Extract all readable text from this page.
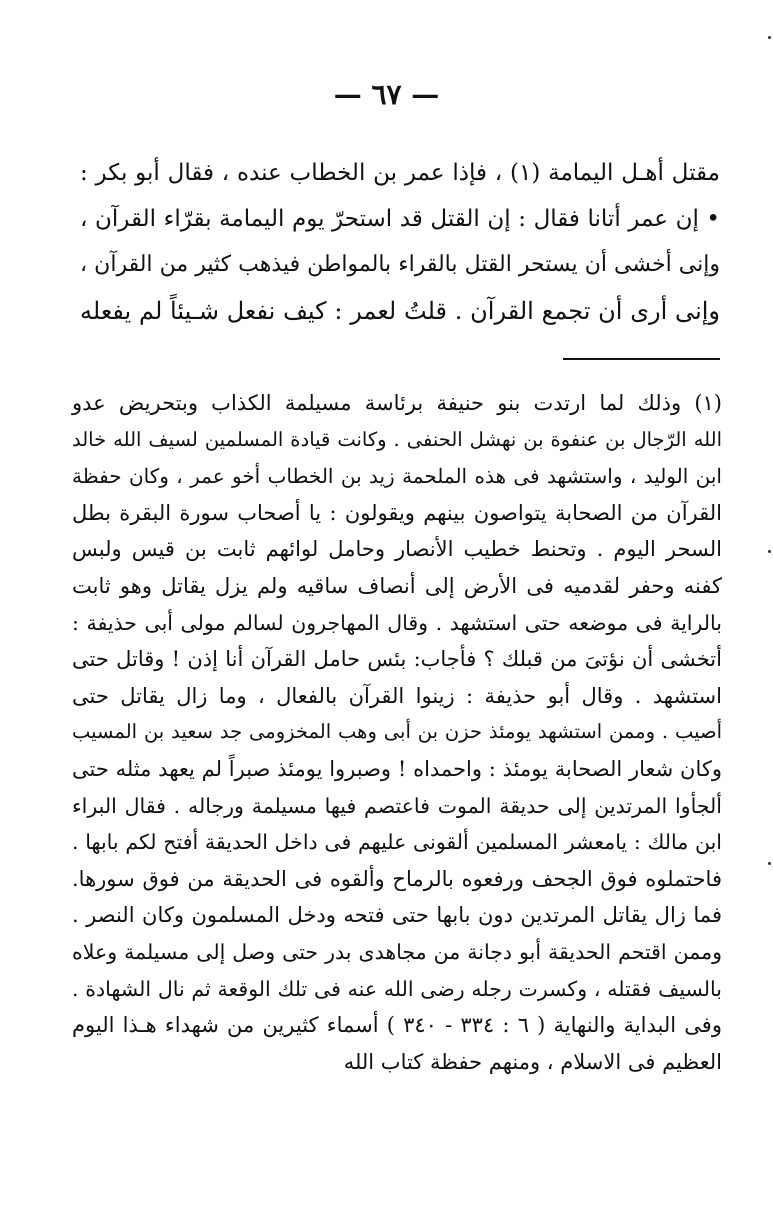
— ٦٧ —
مقتل أهـل اليمامة (١) ، فإذا عمر بن الخطاب عنده ، فقال أبو بكر :
• إن عمر أتانا فقال : إن القتل قد استحرّ يوم اليمامة بقرّاء القرآن ،
وإنى أخشى أن يستحر القتل بالقراء بالمواطن فيذهب كثير من القرآن ،
وإنى أرى أن تجمع القرآن . قلتُ لعمر : كيف نفعل شـيئاً لم يفعله
(١) وذلك لما ارتدت بنو حنيفة برئاسة مسيلمة الكذاب وبتحريض عدو
الله الرّجال بن عنفوة بن نهشل الحنفى . وكانت قيادة المسلمين لسيف الله خالد
ابن الوليد ، واستشهد فى هذه الملحمة زيد بن الخطاب أخو عمر ، وكان حفظة
القرآن من الصحابة يتواصون بينهم ويقولون : يا أصحاب سورة البقرة بطل
السحر اليوم . وتحنط خطيب الأنصار وحامل لوائهم ثابت بن قيس ولبس
كفنه وحفر لقدميه فى الأرض إلى أنصاف ساقيه ولم يزل يقاتل وهو ثابت
بالراية فى موضعه حتى استشهد . وقال المهاجرون لسالم مولى أبى حذيفة :
أتخشى أن نؤتىَ من قبلك ؟ فأجاب: بئس حامل القرآن أنا إذن ! وقاتل حتى
استشهد . وقال أبو حذيفة : زينوا القرآن بالفعال ، وما زال يقاتل حتى
أصيب . وممن استشهد يومئذ حزن بن أبى وهب المخزومى جد سعيد بن المسيب
وكان شعار الصحابة يومئذ : واحمداه ! وصبروا يومئذ صبراً لم يعهد مثله حتى
ألجأوا المرتدين إلى حديقة الموت فاعتصم فيها مسيلمة ورجاله . فقال البراء
ابن مالك : يامعشر المسلمين ألقونى عليهم فى داخل الحديقة أفتح لكم بابها .
فاحتملوه فوق الجحف ورفعوه بالرماح وألقوه فى الحديقة من فوق سورها.
فما زال يقاتل المرتدين دون بابها حتى فتحه ودخل المسلمون وكان النصر .
وممن اقتحم الحديقة أبو دجانة من مجاهدى بدر حتى وصل إلى مسيلمة وعلاه
بالسيف فقتله ، وكسرت رجله رضى الله عنه فى تلك الوقعة ثم نال الشهادة .
وفى البداية والنهاية ( ٦ : ٣٣٤ - ٣٤٠ ) أسماء كثيرين من شهداء هـذا اليوم
العظيم فى الاسلام ، ومنهم حفظة كتاب الله
